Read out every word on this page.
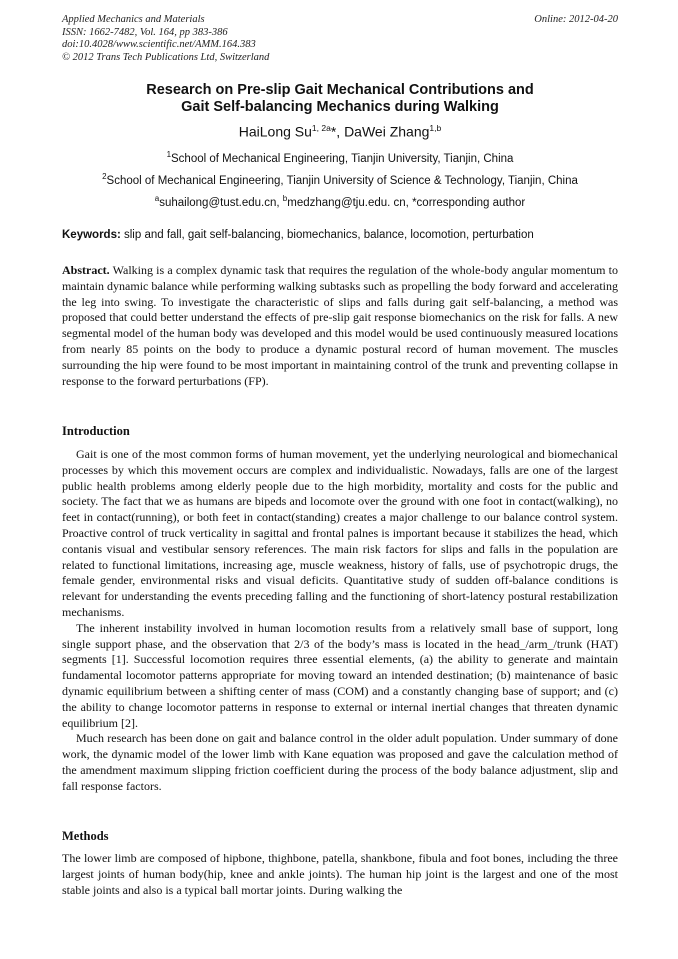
Applied Mechanics and Materials
ISSN: 1662-7482, Vol. 164, pp 383-386
doi:10.4028/www.scientific.net/AMM.164.383
© 2012 Trans Tech Publications Ltd, Switzerland
Online: 2012-04-20
Research on Pre-slip Gait Mechanical Contributions and
Gait Self-balancing Mechanics during Walking
HaiLong $Su^{1, 2a}*$, DaWei Zhang$^{1,b}$
$^1$School of Mechanical Engineering, Tianjin University, Tianjin, China
$^2$School of Mechanical Engineering, Tianjin University of Science & Technology, Tianjin, China
$^a$suhailong@tust.edu.cn, $^b$medzhang@tju.edu. cn, *corresponding author
Keywords: slip and fall, gait self-balancing, biomechanics, balance, locomotion, perturbation
Abstract. Walking is a complex dynamic task that requires the regulation of the whole-body angular momentum to maintain dynamic balance while performing walking subtasks such as propelling the body forward and accelerating the leg into swing. To investigate the characteristic of slips and falls during gait self-balancing, a method was proposed that could better understand the effects of pre-slip gait response biomechanics on the risk for falls. A new segmental model of the human body was developed and this model would be used continuously measured locations from nearly 85 points on the body to produce a dynamic postural record of human movement. The muscles surrounding the hip were found to be most important in maintaining control of the trunk and preventing collapse in response to the forward perturbations (FP).
Introduction

Gait is one of the most common forms of human movement, yet the underlying neurological and biomechanical processes by which this movement occurs are complex and individualistic. Nowadays, falls are one of the largest public health problems among elderly people due to the high morbidity, mortality and costs for the public and society. The fact that we as humans are bipeds and locomote over the ground with one foot in contact(walking), no feet in contact(running), or both feet in contact(standing) creates a major challenge to our balance control system. Proactive control of truck verticality in sagittal and frontal palnes is important because it stabilizes the head, which contanis visual and vestibular sensory references. The main risk factors for slips and falls in the population are related to functional limitations, increasing age, muscle weakness, history of falls, use of psychotropic drugs, the female gender, environmental risks and visual deficits. Quantitative study of sudden off-balance conditions is relevant for understanding the events preceding falling and the functioning of short-latency postural restabilization mechanisms.

The inherent instability involved in human locomotion results from a relatively small base of support, long single support phase, and the observation that 2/3 of the body’s mass is located in the head_/arm_/trunk (HAT) segments [1]. Successful locomotion requires three essential elements, (a) the ability to generate and maintain fundamental locomotor patterns appropriate for moving toward an intended destination; (b) maintenance of basic dynamic equilibrium between a shifting center of mass (COM) and a constantly changing base of support; and (c) the ability to change locomotor patterns in response to external or internal inertial changes that threaten dynamic equilibrium [2].

Much research has been done on gait and balance control in the older adult population. Under summary of done work, the dynamic model of the lower limb with Kane equation was proposed and gave the calculation method of the amendment maximum slipping friction coefficient during the process of the body balance adjustment, slip and fall response factors.

Methods

The lower limb are composed of hipbone, thighbone, patella, shankbone, fibula and foot bones, including the three largest joints of human body(hip, knee and ankle joints). The human hip joint is the largest and one of the most stable joints and also is a typical ball mortar joints. During walking the
